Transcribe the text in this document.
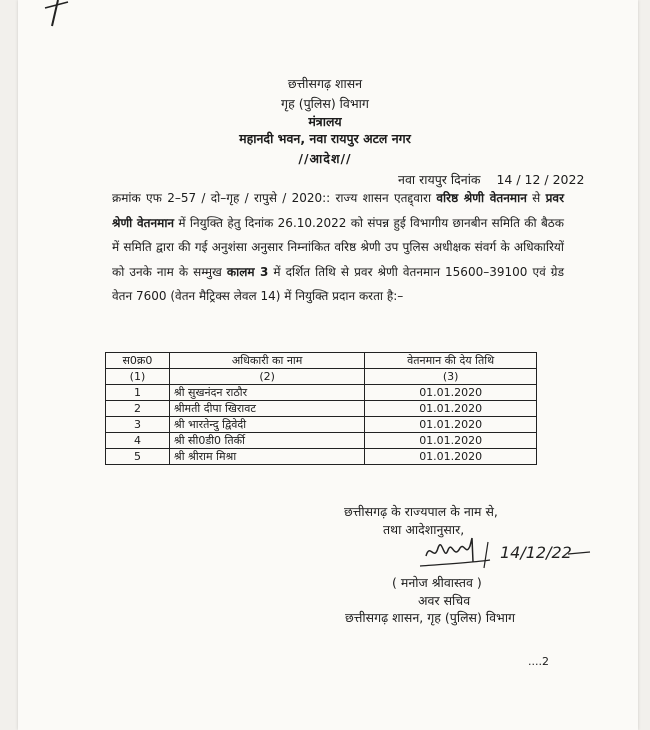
छत्तीसगढ़ शासन
गृह (पुलिस) विभाग
मंत्रालय
महानदी भवन, नवा रायपुर अटल नगर
//आदेश//
नवा रायपुर दिनांक 14 / 12 / 2022
क्रमांक एफ 2–57 / दो–गृह / रापुसे / 2020:: राज्य शासन एतद्द्वारा वरिष्ठ श्रेणी वेतनमान से प्रवर श्रेणी वेतनमान में नियुक्ति हेतु दिनांक 26.10.2022 को संपन्न हुई विभागीय छानबीन समिति की बैठक में समिति द्वारा की गई अनुशंसा अनुसार निम्नांकित वरिष्ठ श्रेणी उप पुलिस अधीक्षक संवर्ग के अधिकारियों को उनके नाम के सम्मुख कालम 3 में दर्शित तिथि से प्रवर श्रेणी वेतनमान 15600–39100 एवं ग्रेड वेतन 7600 (वेतन मैट्रिक्स लेवल 14) में नियुक्ति प्रदान करता है:–
स0क्र0	अधिकारी का नाम	वेतनमान की देय तिथि
(1)	(2)	(3)
1	श्री सुखनंदन राठौर	01.01.2020
2	श्रीमती दीपा खिरावट	01.01.2020
3	श्री भारतेन्दु द्विवेदी	01.01.2020
4	श्री सी0डी0 तिर्की	01.01.2020
5	श्री श्रीराम मिश्रा	01.01.2020
छत्तीसगढ़ के राज्यपाल के नाम से,
तथा आदेशानुसार,
14/12/22
( मनोज श्रीवास्तव )
अवर सचिव
छत्तीसगढ़ शासन, गृह (पुलिस) विभाग
....2
